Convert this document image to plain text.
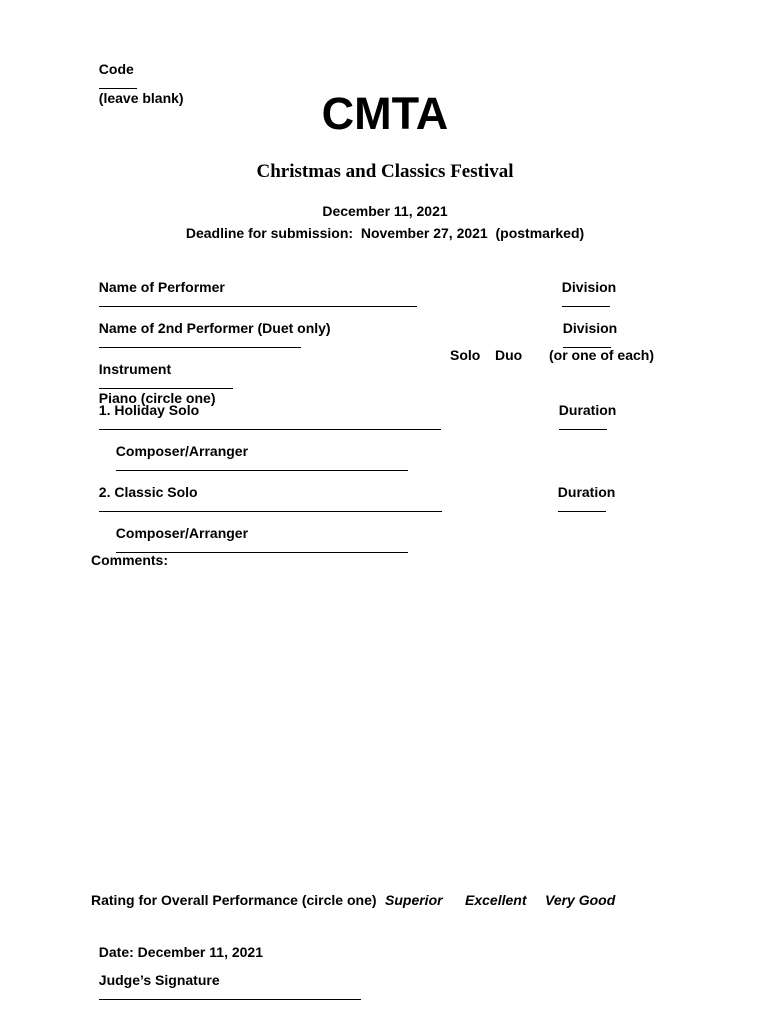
Code

(leave blank)	CMTA
Christmas and Classics Festival
December 11, 2021
Deadline for submission:  November 27, 2021  (postmarked)

Name of Performer
	Division

Name of 2nd Performer (Duet only)
	Division

Instrument

Piano (circle one)

Solo Duo (or one of each)

1. Holiday Solo
	Duration

Composer/Arranger

2. Classic Solo
	Duration

Composer/Arranger

Comments:
Rating for Overall Performance (circle one) Superior Excellent Very Good

Date: December 11, 2021

Judge’s Signature
